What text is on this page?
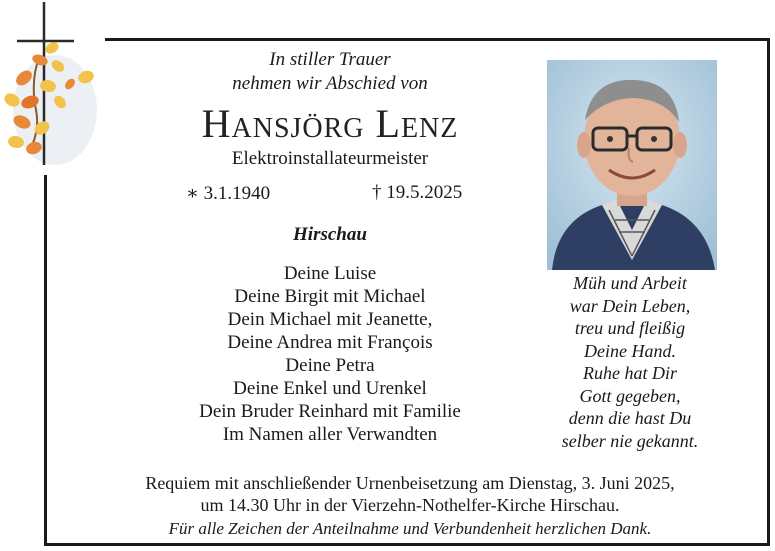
In stiller Trauer
nehmen wir Abschied von
Hansjörg Lenz
Elektroinstallateurmeister
∗ 3.1.1940	† 19.5.2025
Hirschau
Deine Luise
Deine Birgit mit Michael
Dein Michael mit Jeanette,
Deine Andrea mit François
Deine Petra
Deine Enkel und Urenkel
Dein Bruder Reinhard mit Familie
Im Namen aller Verwandten
Müh und Arbeit
war Dein Leben,
treu und fleißig
Deine Hand.
Ruhe hat Dir
Gott gegeben,
denn die hast Du
selber nie gekannt.
Requiem mit anschließender Urnenbeisetzung am Dienstag, 3. Juni 2025,
um 14.30 Uhr in der Vierzehn-Nothelfer-Kirche Hirschau.
Für alle Zeichen der Anteilnahme und Verbundenheit herzlichen Dank.
